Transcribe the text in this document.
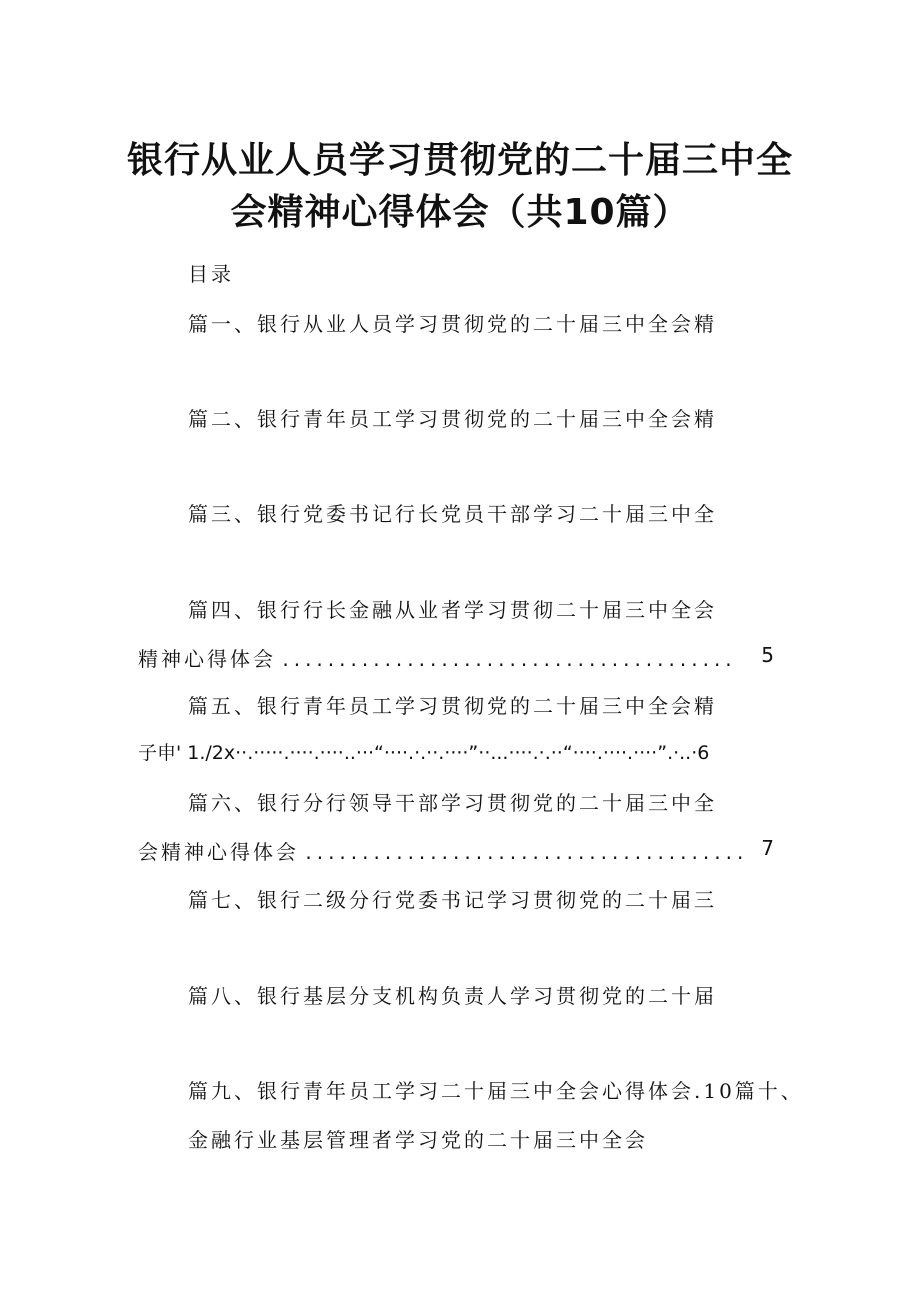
银行从业人员学习贯彻党的二十届三中全
会精神心得体会（共10篇）
目录
篇一、银行从业人员学习贯彻党的二十届三中全会精
篇二、银行青年员工学习贯彻党的二十届三中全会精
篇三、银行党委书记行长党员干部学习二十届三中全
篇四、银行行长金融从业者学习贯彻二十届三中全会
精神心得体会 ........................................ 5
篇五、银行青年员工学习贯彻党的二十届三中全会精
子申' 1./2x··.·····.····.····..···“····.·.··.····”··...····.·.··“····.····.····”.·..·6
篇六、银行分行领导干部学习贯彻党的二十届三中全
会精神心得体会 ....................................... 7
篇七、银行二级分行党委书记学习贯彻党的二十届三
篇八、银行基层分支机构负责人学习贯彻党的二十届
篇九、银行青年员工学习二十届三中全会心得体会.10篇十、
金融行业基层管理者学习党的二十届三中全会
